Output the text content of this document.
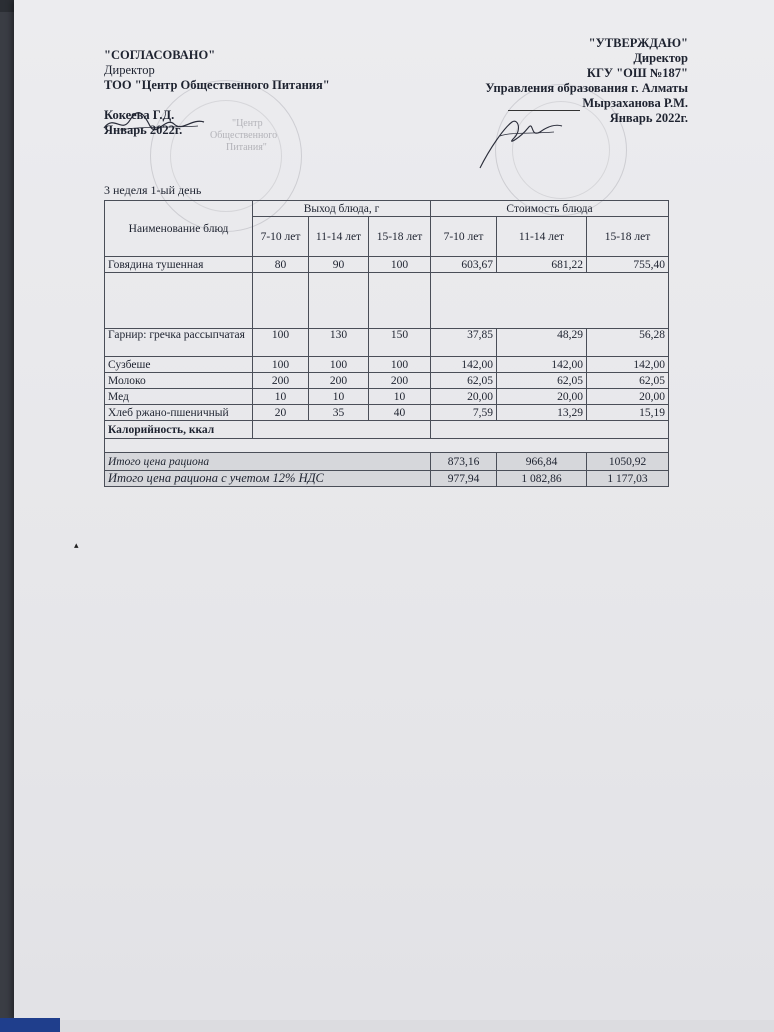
"Центр
Общественного
Питания"
"СОГЛАСОВАНО"
Директор
ТОО "Центр Общественного Питания"

Кокеева Г.Д.
Январь 2022г.
"УТВЕРЖДАЮ"
Директор
КГУ "ОШ №187"
Управления образования г. Алматы
Мырзаханова Р.М.
Январь 2022г.
3 неделя 1-ый день
Наименование блюд	Выход блюда, г			Стоимость блюда		
	7-10 лет	11-14 лет	15-18 лет	7-10 лет	11-14 лет	15-18 лет
Говядина тушенная	80	90	100	603,67	681,22	755,40

Гарнир: гречка рассыпчатая	100	130	150	37,85	48,29	56,28
Сузбеше	100	100	100	142,00	142,00	142,00
Молоко	200	200	200	62,05	62,05	62,05
Мед	10	10	10	20,00	20,00	20,00
Хлеб ржано-пшеничный	20	35	40	7,59	13,29	15,19
Калорийность, ккал						

Итого цена рациона				873,16	966,84	1050,92
Итого цена рациона с учетом 12% НДС				977,94	1 082,86	1 177,03
▴
